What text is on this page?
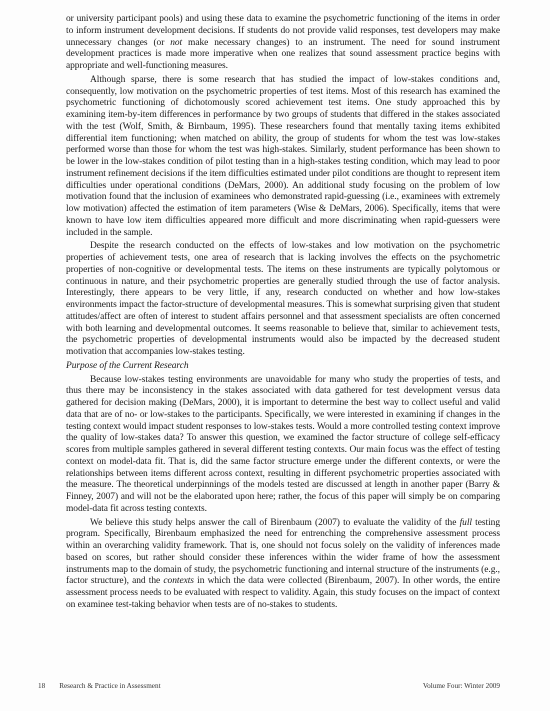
or university participant pools) and using these data to examine the psychometric functioning of the items in order to inform instrument development decisions. If students do not provide valid responses, test developers may make unnecessary changes (or not make necessary changes) to an instrument. The need for sound instrument development practices is made more imperative when one realizes that sound assessment practice begins with appropriate and well-functioning measures.

Although sparse, there is some research that has studied the impact of low-stakes conditions and, consequently, low motivation on the psychometric properties of test items. Most of this research has examined the psychometric functioning of dichotomously scored achievement test items. One study approached this by examining item-by-item differences in performance by two groups of students that differed in the stakes associated with the test (Wolf, Smith, & Birnbaum, 1995). These researchers found that mentally taxing items exhibited differential item functioning; when matched on ability, the group of students for whom the test was low-stakes performed worse than those for whom the test was high-stakes. Similarly, student performance has been shown to be lower in the low-stakes condition of pilot testing than in a high-stakes testing condition, which may lead to poor instrument refinement decisions if the item difficulties estimated under pilot conditions are thought to represent item difficulties under operational conditions (DeMars, 2000). An additional study focusing on the problem of low motivation found that the inclusion of examinees who demonstrated rapid-guessing (i.e., examinees with extremely low motivation) affected the estimation of item parameters (Wise & DeMars, 2006). Specifically, items that were known to have low item difficulties appeared more difficult and more discriminating when rapid-guessers were included in the sample.

Despite the research conducted on the effects of low-stakes and low motivation on the psychometric properties of achievement tests, one area of research that is lacking involves the effects on the psychometric properties of non-cognitive or developmental tests. The items on these instruments are typically polytomous or continuous in nature, and their psychometric properties are generally studied through the use of factor analysis. Interestingly, there appears to be very little, if any, research conducted on whether and how low-stakes environments impact the factor-structure of developmental measures. This is somewhat surprising given that student attitudes/affect are often of interest to student affairs personnel and that assessment specialists are often concerned with both learning and developmental outcomes. It seems reasonable to believe that, similar to achievement tests, the psychometric properties of developmental instruments would also be impacted by the decreased student motivation that accompanies low-stakes testing.

Purpose of the Current Research

Because low-stakes testing environments are unavoidable for many who study the properties of tests, and thus there may be inconsistency in the stakes associated with data gathered for test development versus data gathered for decision making (DeMars, 2000), it is important to determine the best way to collect useful and valid data that are of no- or low-stakes to the participants. Specifically, we were interested in examining if changes in the testing context would impact student responses to low-stakes tests. Would a more controlled testing context improve the quality of low-stakes data? To answer this question, we examined the factor structure of college self-efficacy scores from multiple samples gathered in several different testing contexts. Our main focus was the effect of testing context on model-data fit. That is, did the same factor structure emerge under the different contexts, or were the relationships between items different across context, resulting in different psychometric properties associated with the measure. The theoretical underpinnings of the models tested are discussed at length in another paper (Barry & Finney, 2007) and will not be the elaborated upon here; rather, the focus of this paper will simply be on comparing model-data fit across testing contexts.

We believe this study helps answer the call of Birenbaum (2007) to evaluate the validity of the full testing program. Specifically, Birenbaum emphasized the need for entrenching the comprehensive assessment process within an overarching validity framework. That is, one should not focus solely on the validity of inferences made based on scores, but rather should consider these inferences within the wider frame of how the assessment instruments map to the domain of study, the psychometric functioning and internal structure of the instruments (e.g., factor structure), and the contexts in which the data were collected (Birenbaum, 2007). In other words, the entire assessment process needs to be evaluated with respect to validity. Again, this study focuses on the impact of context on examinee test-taking behavior when tests are of no-stakes to students.

18 Research & Practice in Assessment	Volume Four: Winter 2009
